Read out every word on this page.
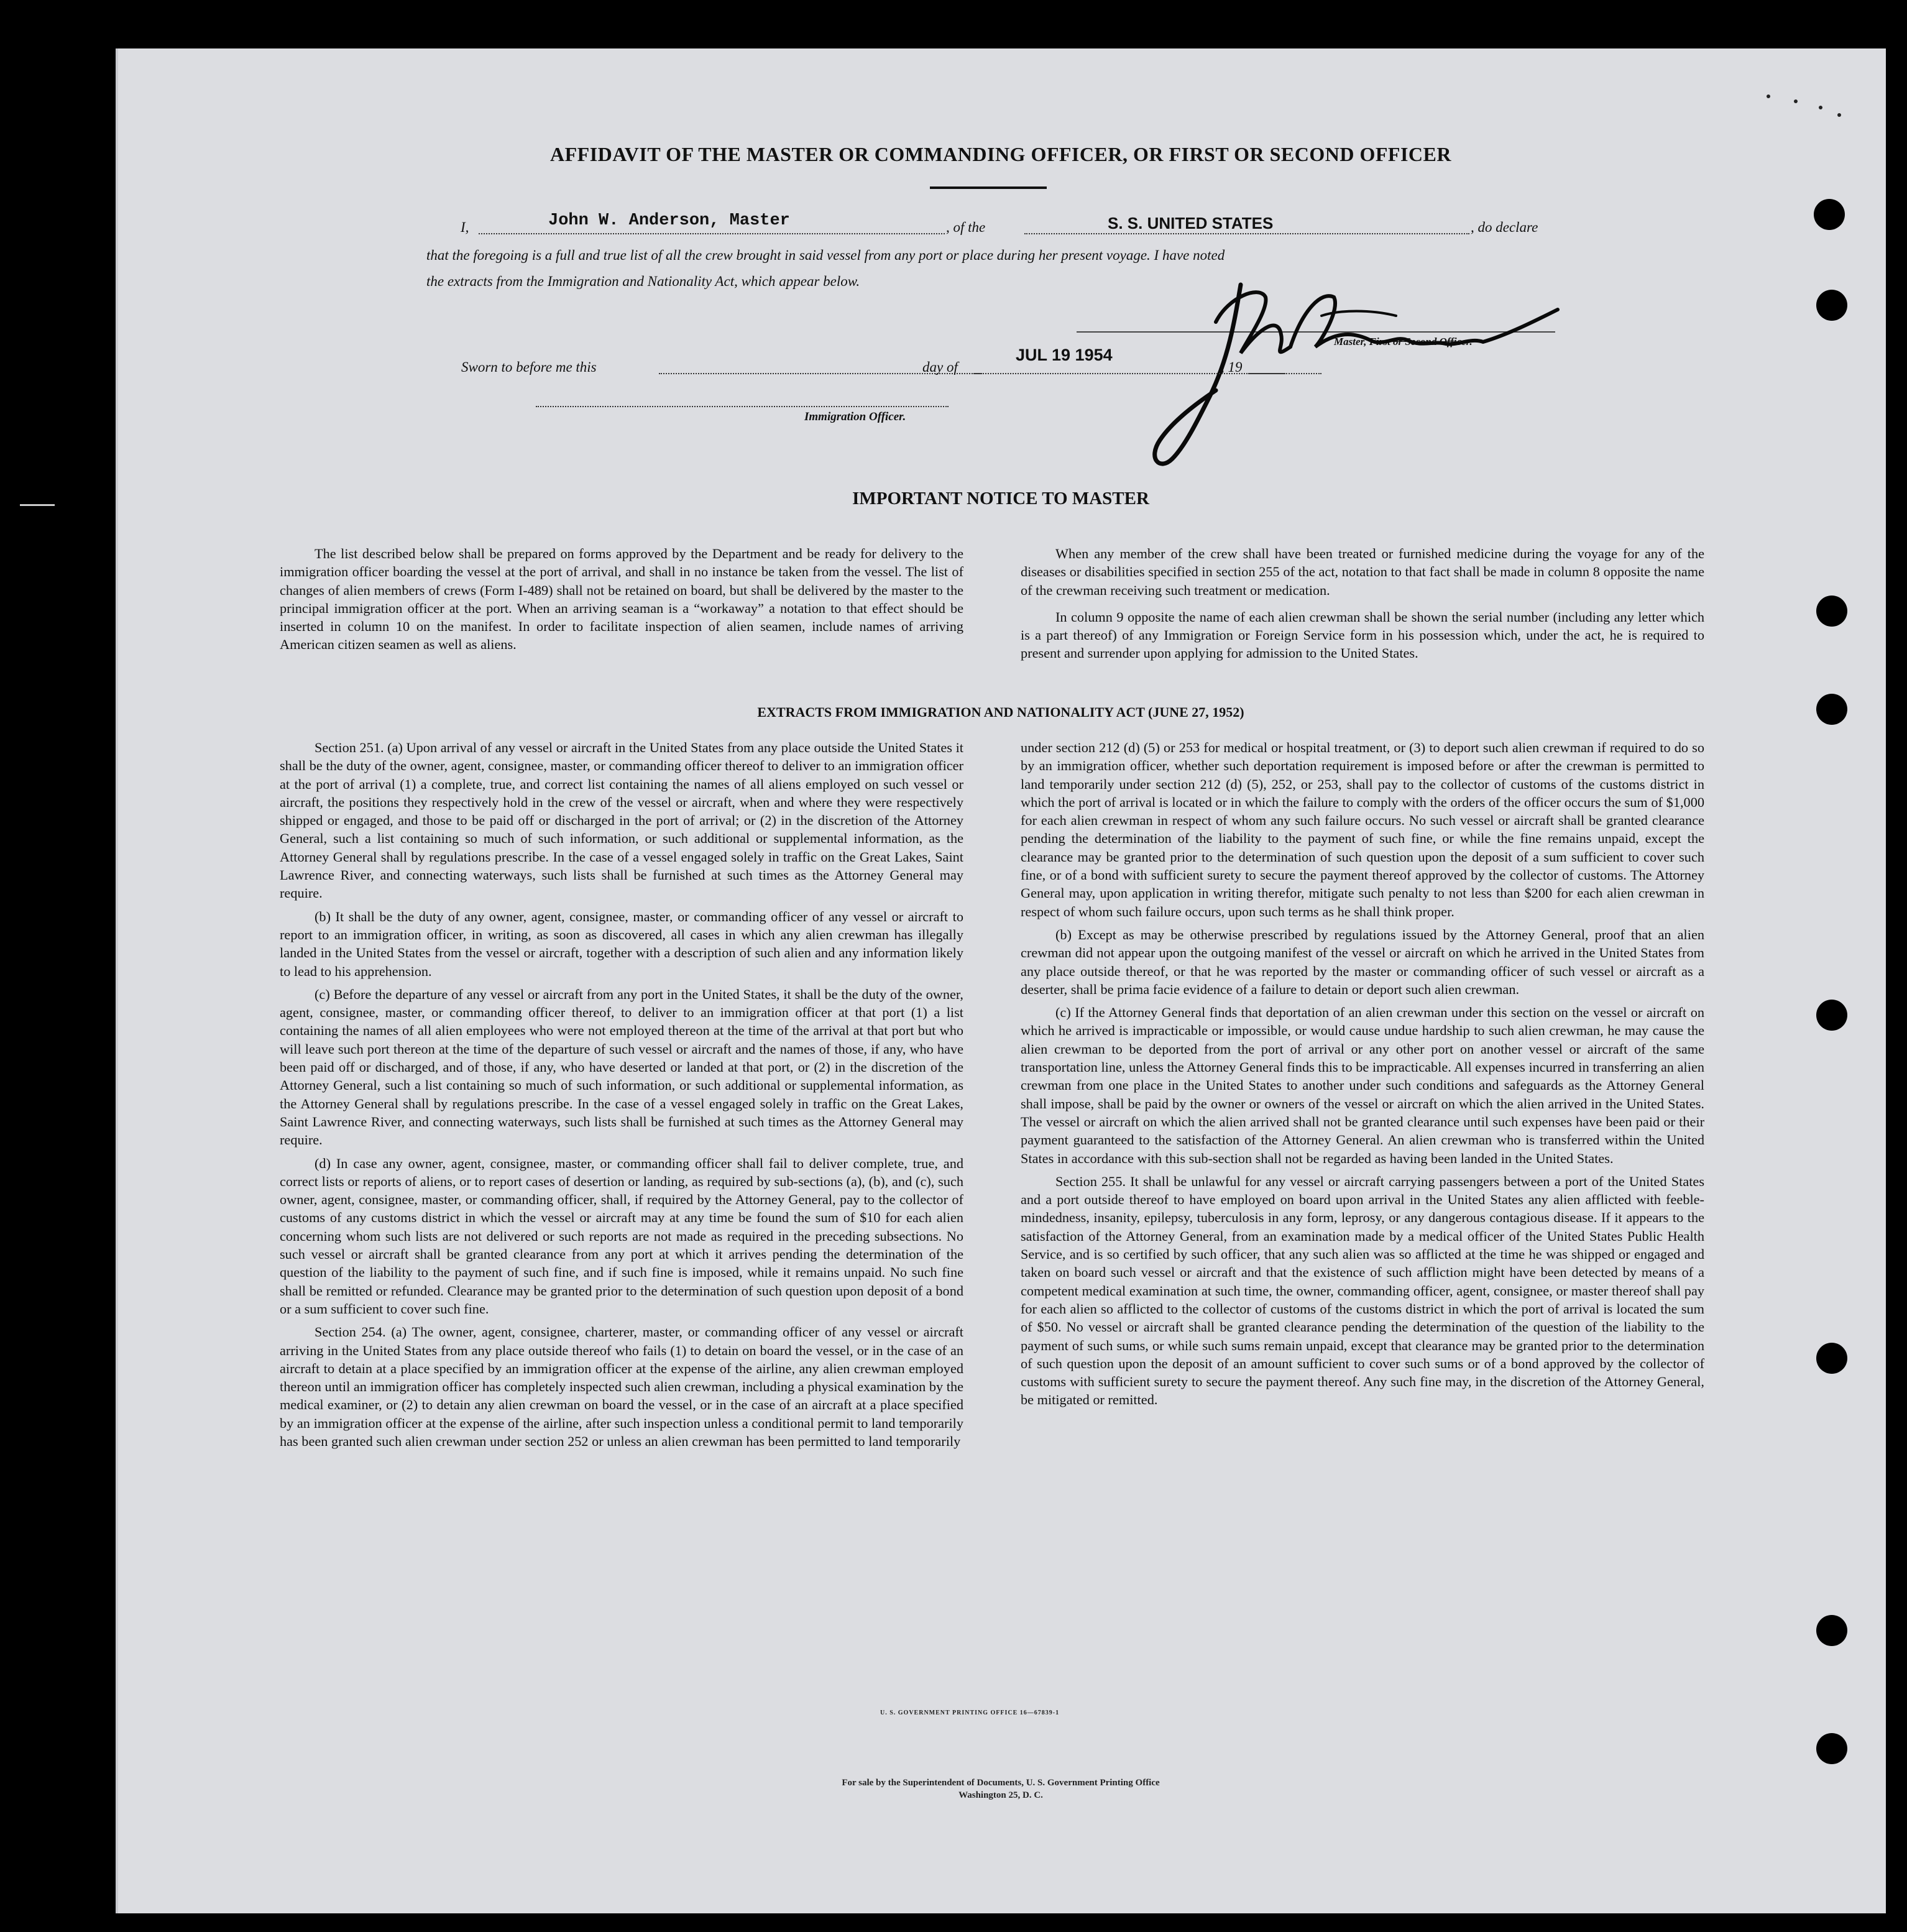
AFFIDAVIT OF THE MASTER OR COMMANDING OFFICER, OR FIRST OR SECOND OFFICER
I,	John W. Anderson, Master	, of the	S. S. UNITED STATES	, do declare
that the foregoing is a full and true list of all the crew brought in said vessel from any port or place during her present voyage. I have noted
the extracts from the Immigration and Nationality Act, which appear below.
Master, First or Second Officer.
Sworn to before me this	day of
JUL 19 1954
, 19
Immigration Officer.
IMPORTANT NOTICE TO MASTER

The list described below shall be prepared on forms approved by the Department and be ready for delivery to the immigration officer boarding the vessel at the port of arrival, and shall in no instance be taken from the vessel. The list of changes of alien members of crews (Form I-489) shall not be retained on board, but shall be delivered by the master to the principal immigration officer at the port. When an arriving seaman is a “workaway” a notation to that effect should be inserted in column 10 on the manifest. In order to facilitate inspection of alien seamen, include names of arriving American citizen seamen as well as aliens.

When any member of the crew shall have been treated or furnished medicine during the voyage for any of the diseases or disabilities specified in section 255 of the act, notation to that fact shall be made in column 8 opposite the name of the crewman receiving such treatment or medication.

In column 9 opposite the name of each alien crewman shall be shown the serial number (including any letter which is a part thereof) of any Immigration or Foreign Service form in his possession which, under the act, he is required to present and surrender upon applying for admission to the United States.

EXTRACTS FROM IMMIGRATION AND NATIONALITY ACT (JUNE 27, 1952)

Section 251. (a) Upon arrival of any vessel or aircraft in the United States from any place outside the United States it shall be the duty of the owner, agent, consignee, master, or commanding officer thereof to deliver to an immigration officer at the port of arrival (1) a complete, true, and correct list containing the names of all aliens employed on such vessel or aircraft, the positions they respectively hold in the crew of the vessel or aircraft, when and where they were respectively shipped or engaged, and those to be paid off or discharged in the port of arrival; or (2) in the discretion of the Attorney General, such a list containing so much of such information, or such additional or supplemental information, as the Attorney General shall by regulations prescribe. In the case of a vessel engaged solely in traffic on the Great Lakes, Saint Lawrence River, and connecting waterways, such lists shall be furnished at such times as the Attorney General may require.

(b) It shall be the duty of any owner, agent, consignee, master, or commanding officer of any vessel or aircraft to report to an immigration officer, in writing, as soon as discovered, all cases in which any alien crewman has illegally landed in the United States from the vessel or aircraft, together with a description of such alien and any information likely to lead to his apprehension.

(c) Before the departure of any vessel or aircraft from any port in the United States, it shall be the duty of the owner, agent, consignee, master, or commanding officer thereof, to deliver to an immigration officer at that port (1) a list containing the names of all alien employees who were not employed thereon at the time of the arrival at that port but who will leave such port thereon at the time of the departure of such vessel or aircraft and the names of those, if any, who have been paid off or discharged, and of those, if any, who have deserted or landed at that port, or (2) in the discretion of the Attorney General, such a list containing so much of such information, or such additional or supplemental information, as the Attorney General shall by regulations prescribe. In the case of a vessel engaged solely in traffic on the Great Lakes, Saint Lawrence River, and connecting waterways, such lists shall be furnished at such times as the Attorney General may require.

(d) In case any owner, agent, consignee, master, or commanding officer shall fail to deliver complete, true, and correct lists or reports of aliens, or to report cases of desertion or landing, as required by sub-sections (a), (b), and (c), such owner, agent, consignee, master, or commanding officer, shall, if required by the Attorney General, pay to the collector of customs of any customs district in which the vessel or aircraft may at any time be found the sum of $10 for each alien concerning whom such lists are not delivered or such reports are not made as required in the preceding subsections. No such vessel or aircraft shall be granted clearance from any port at which it arrives pending the determination of the question of the liability to the payment of such fine, and if such fine is imposed, while it remains unpaid. No such fine shall be remitted or refunded. Clearance may be granted prior to the determination of such question upon deposit of a bond or a sum sufficient to cover such fine.

Section 254. (a) The owner, agent, consignee, charterer, master, or commanding officer of any vessel or aircraft arriving in the United States from any place outside thereof who fails (1) to detain on board the vessel, or in the case of an aircraft to detain at a place specified by an immigration officer at the expense of the airline, any alien crewman employed thereon until an immigration officer has completely inspected such alien crewman, including a physical examination by the medical examiner, or (2) to detain any alien crewman on board the vessel, or in the case of an aircraft at a place specified by an immigration officer at the expense of the airline, after such inspection unless a conditional permit to land temporarily has been granted such alien crewman under section 252 or unless an alien crewman has been permitted to land temporarily

under section 212 (d) (5) or 253 for medical or hospital treatment, or (3) to deport such alien crewman if required to do so by an immigration officer, whether such deportation requirement is imposed before or after the crewman is permitted to land temporarily under section 212 (d) (5), 252, or 253, shall pay to the collector of customs of the customs district in which the port of arrival is located or in which the failure to comply with the orders of the officer occurs the sum of $1,000 for each alien crewman in respect of whom any such failure occurs. No such vessel or aircraft shall be granted clearance pending the determination of the liability to the payment of such fine, or while the fine remains unpaid, except the clearance may be granted prior to the determination of such question upon the deposit of a sum sufficient to cover such fine, or of a bond with sufficient surety to secure the payment thereof approved by the collector of customs. The Attorney General may, upon application in writing therefor, mitigate such penalty to not less than $200 for each alien crewman in respect of whom such failure occurs, upon such terms as he shall think proper.

(b) Except as may be otherwise prescribed by regulations issued by the Attorney General, proof that an alien crewman did not appear upon the outgoing manifest of the vessel or aircraft on which he arrived in the United States from any place outside thereof, or that he was reported by the master or commanding officer of such vessel or aircraft as a deserter, shall be prima facie evidence of a failure to detain or deport such alien crewman.

(c) If the Attorney General finds that deportation of an alien crewman under this section on the vessel or aircraft on which he arrived is impracticable or impossible, or would cause undue hardship to such alien crewman, he may cause the alien crewman to be deported from the port of arrival or any other port on another vessel or aircraft of the same transportation line, unless the Attorney General finds this to be impracticable. All expenses incurred in transferring an alien crewman from one place in the United States to another under such conditions and safeguards as the Attorney General shall impose, shall be paid by the owner or owners of the vessel or aircraft on which the alien arrived in the United States. The vessel or aircraft on which the alien arrived shall not be granted clearance until such expenses have been paid or their payment guaranteed to the satisfaction of the Attorney General. An alien crewman who is transferred within the United States in accordance with this sub-section shall not be regarded as having been landed in the United States.

Section 255. It shall be unlawful for any vessel or aircraft carrying passengers between a port of the United States and a port outside thereof to have employed on board upon arrival in the United States any alien afflicted with feeble-mindedness, insanity, epilepsy, tuberculosis in any form, leprosy, or any dangerous contagious disease. If it appears to the satisfaction of the Attorney General, from an examination made by a medical officer of the United States Public Health Service, and is so certified by such officer, that any such alien was so afflicted at the time he was shipped or engaged and taken on board such vessel or aircraft and that the existence of such affliction might have been detected by means of a competent medical examination at such time, the owner, commanding officer, agent, consignee, or master thereof shall pay for each alien so afflicted to the collector of customs of the customs district in which the port of arrival is located the sum of $50. No vessel or aircraft shall be granted clearance pending the determination of the question of the liability to the payment of such sums, or while such sums remain unpaid, except that clearance may be granted prior to the determination of such question upon the deposit of an amount sufficient to cover such sums or of a bond approved by the collector of customs with sufficient surety to secure the payment thereof. Any such fine may, in the discretion of the Attorney General, be mitigated or remitted.

U. S. GOVERNMENT PRINTING OFFICE 16—67839-1
For sale by the Superintendent of Documents, U. S. Government Printing Office
Washington 25, D. C.
